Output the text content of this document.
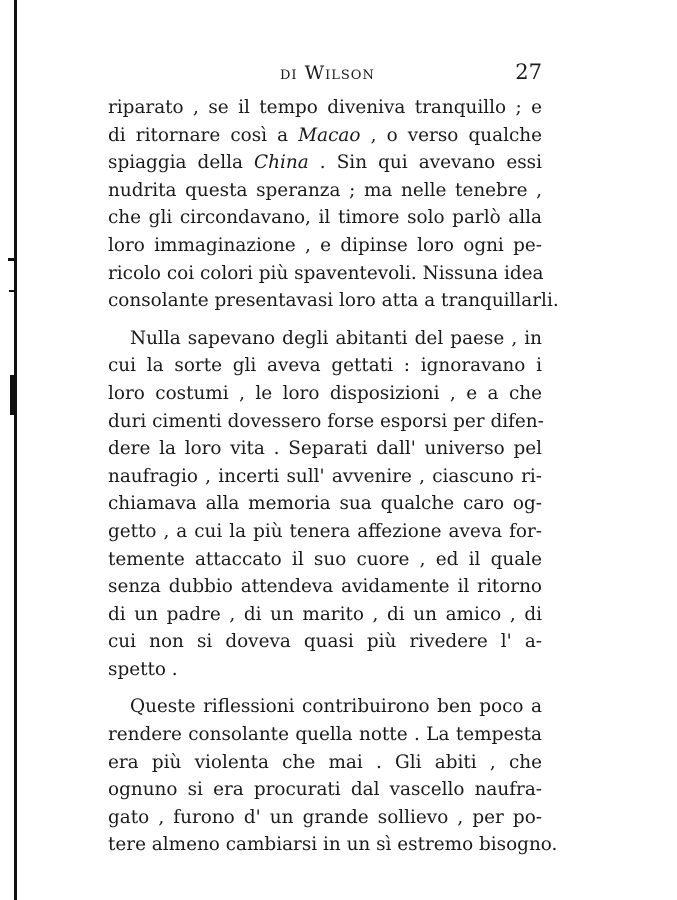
di Wilson	27
riparato , se il tempo diveniva tranquillo ; e
di ritornare così a Macao , o verso qualche
spiaggia della China . Sin qui avevano essi
nudrita questa speranza ; ma nelle tenebre ,
che gli circondavano, il timore solo parlò alla
loro immaginazione , e dipinse loro ogni pe-
ricolo coi colori più spaventevoli. Nissuna idea
consolante presentavasi loro atta a tranquillarli.
Nulla sapevano degli abitanti del paese , in
cui la sorte gli aveva gettati : ignoravano i
loro costumi , le loro disposizioni , e a che
duri cimenti dovessero forse esporsi per difen-
dere la loro vita . Separati dall' universo pel
naufragio , incerti sull' avvenire , ciascuno ri-
chiamava alla memoria sua qualche caro og-
getto , a cui la più tenera affezione aveva for-
temente attaccato il suo cuore , ed il quale
senza dubbio attendeva avidamente il ritorno
di un padre , di un marito , di un amico , di
cui non si doveva quasi più rivedere l' a-
spetto .
Queste riflessioni contribuirono ben poco a
rendere consolante quella notte . La tempesta
era più violenta che mai . Gli abiti , che
ognuno si era procurati dal vascello naufra-
gato , furono d' un grande sollievo , per po-
tere almeno cambiarsi in un sì estremo bisogno.
